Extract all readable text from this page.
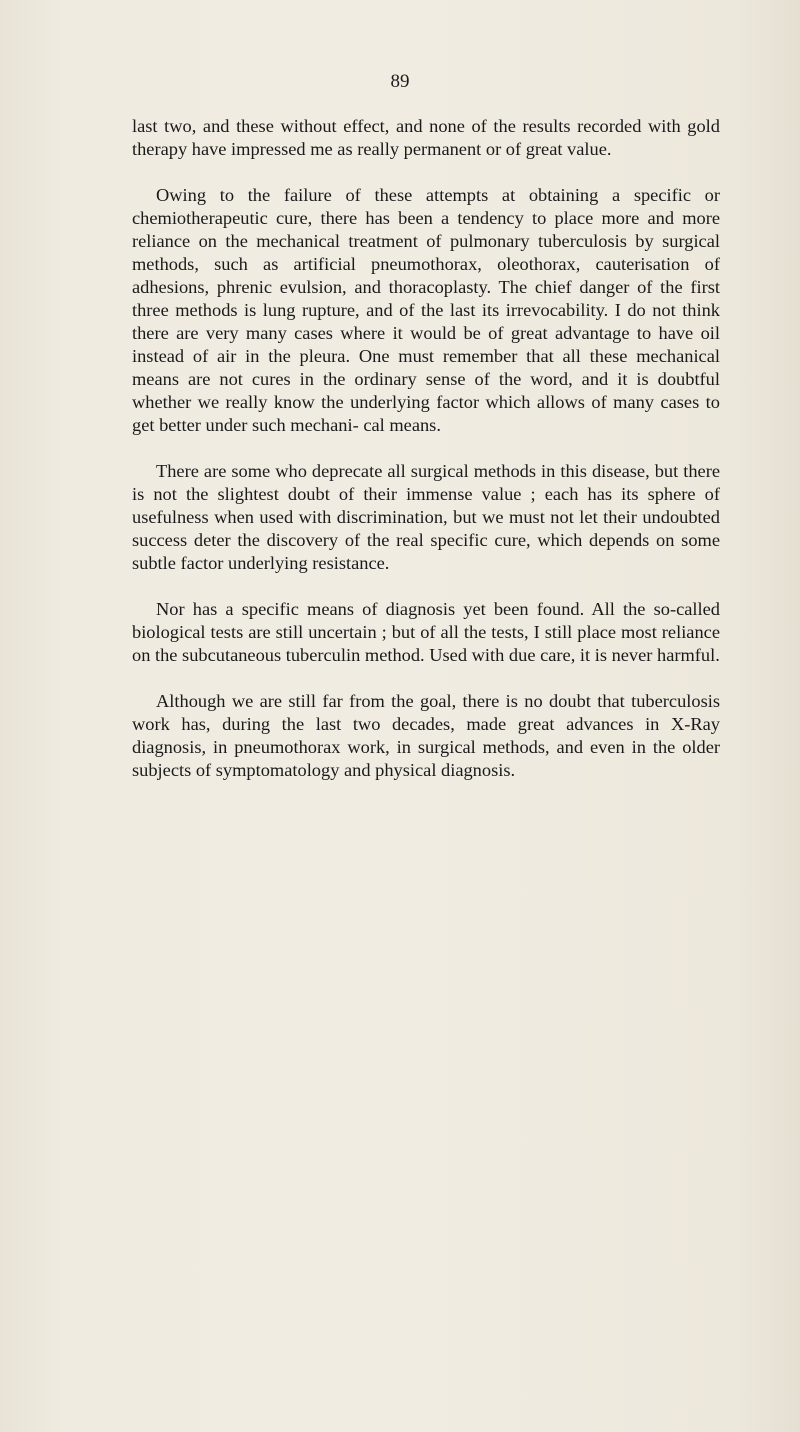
89

last two, and these without effect, and none of the results recorded with gold therapy have impressed me as really permanent or of great value.

Owing to the failure of these attempts at obtaining a specific or chemiotherapeutic cure, there has been a tendency to place more and more reliance on the mechanical treatment of pulmonary tuberculosis by surgical methods, such as artificial pneumothorax, oleothorax, cauterisation of adhesions, phrenic evulsion, and thoracoplasty. The chief danger of the first three methods is lung rupture, and of the last its irrevocability. I do not think there are very many cases where it would be of great advantage to have oil instead of air in the pleura. One must remember that all these mechanical means are not cures in the ordinary sense of the word, and it is doubtful whether we really know the underlying factor which allows of many cases to get better under such mechani- cal means.

There are some who deprecate all surgical methods in this disease, but there is not the slightest doubt of their immense value ; each has its sphere of usefulness when used with discrimination, but we must not let their undoubted success deter the discovery of the real specific cure, which depends on some subtle factor underlying resistance.

Nor has a specific means of diagnosis yet been found. All the so-called biological tests are still uncertain ; but of all the tests, I still place most reliance on the subcutaneous tuberculin method. Used with due care, it is never harmful.

Although we are still far from the goal, there is no doubt that tuberculosis work has, during the last two decades, made great advances in X-Ray diagnosis, in pneumothorax work, in surgical methods, and even in the older subjects of symptomatology and physical diagnosis.
